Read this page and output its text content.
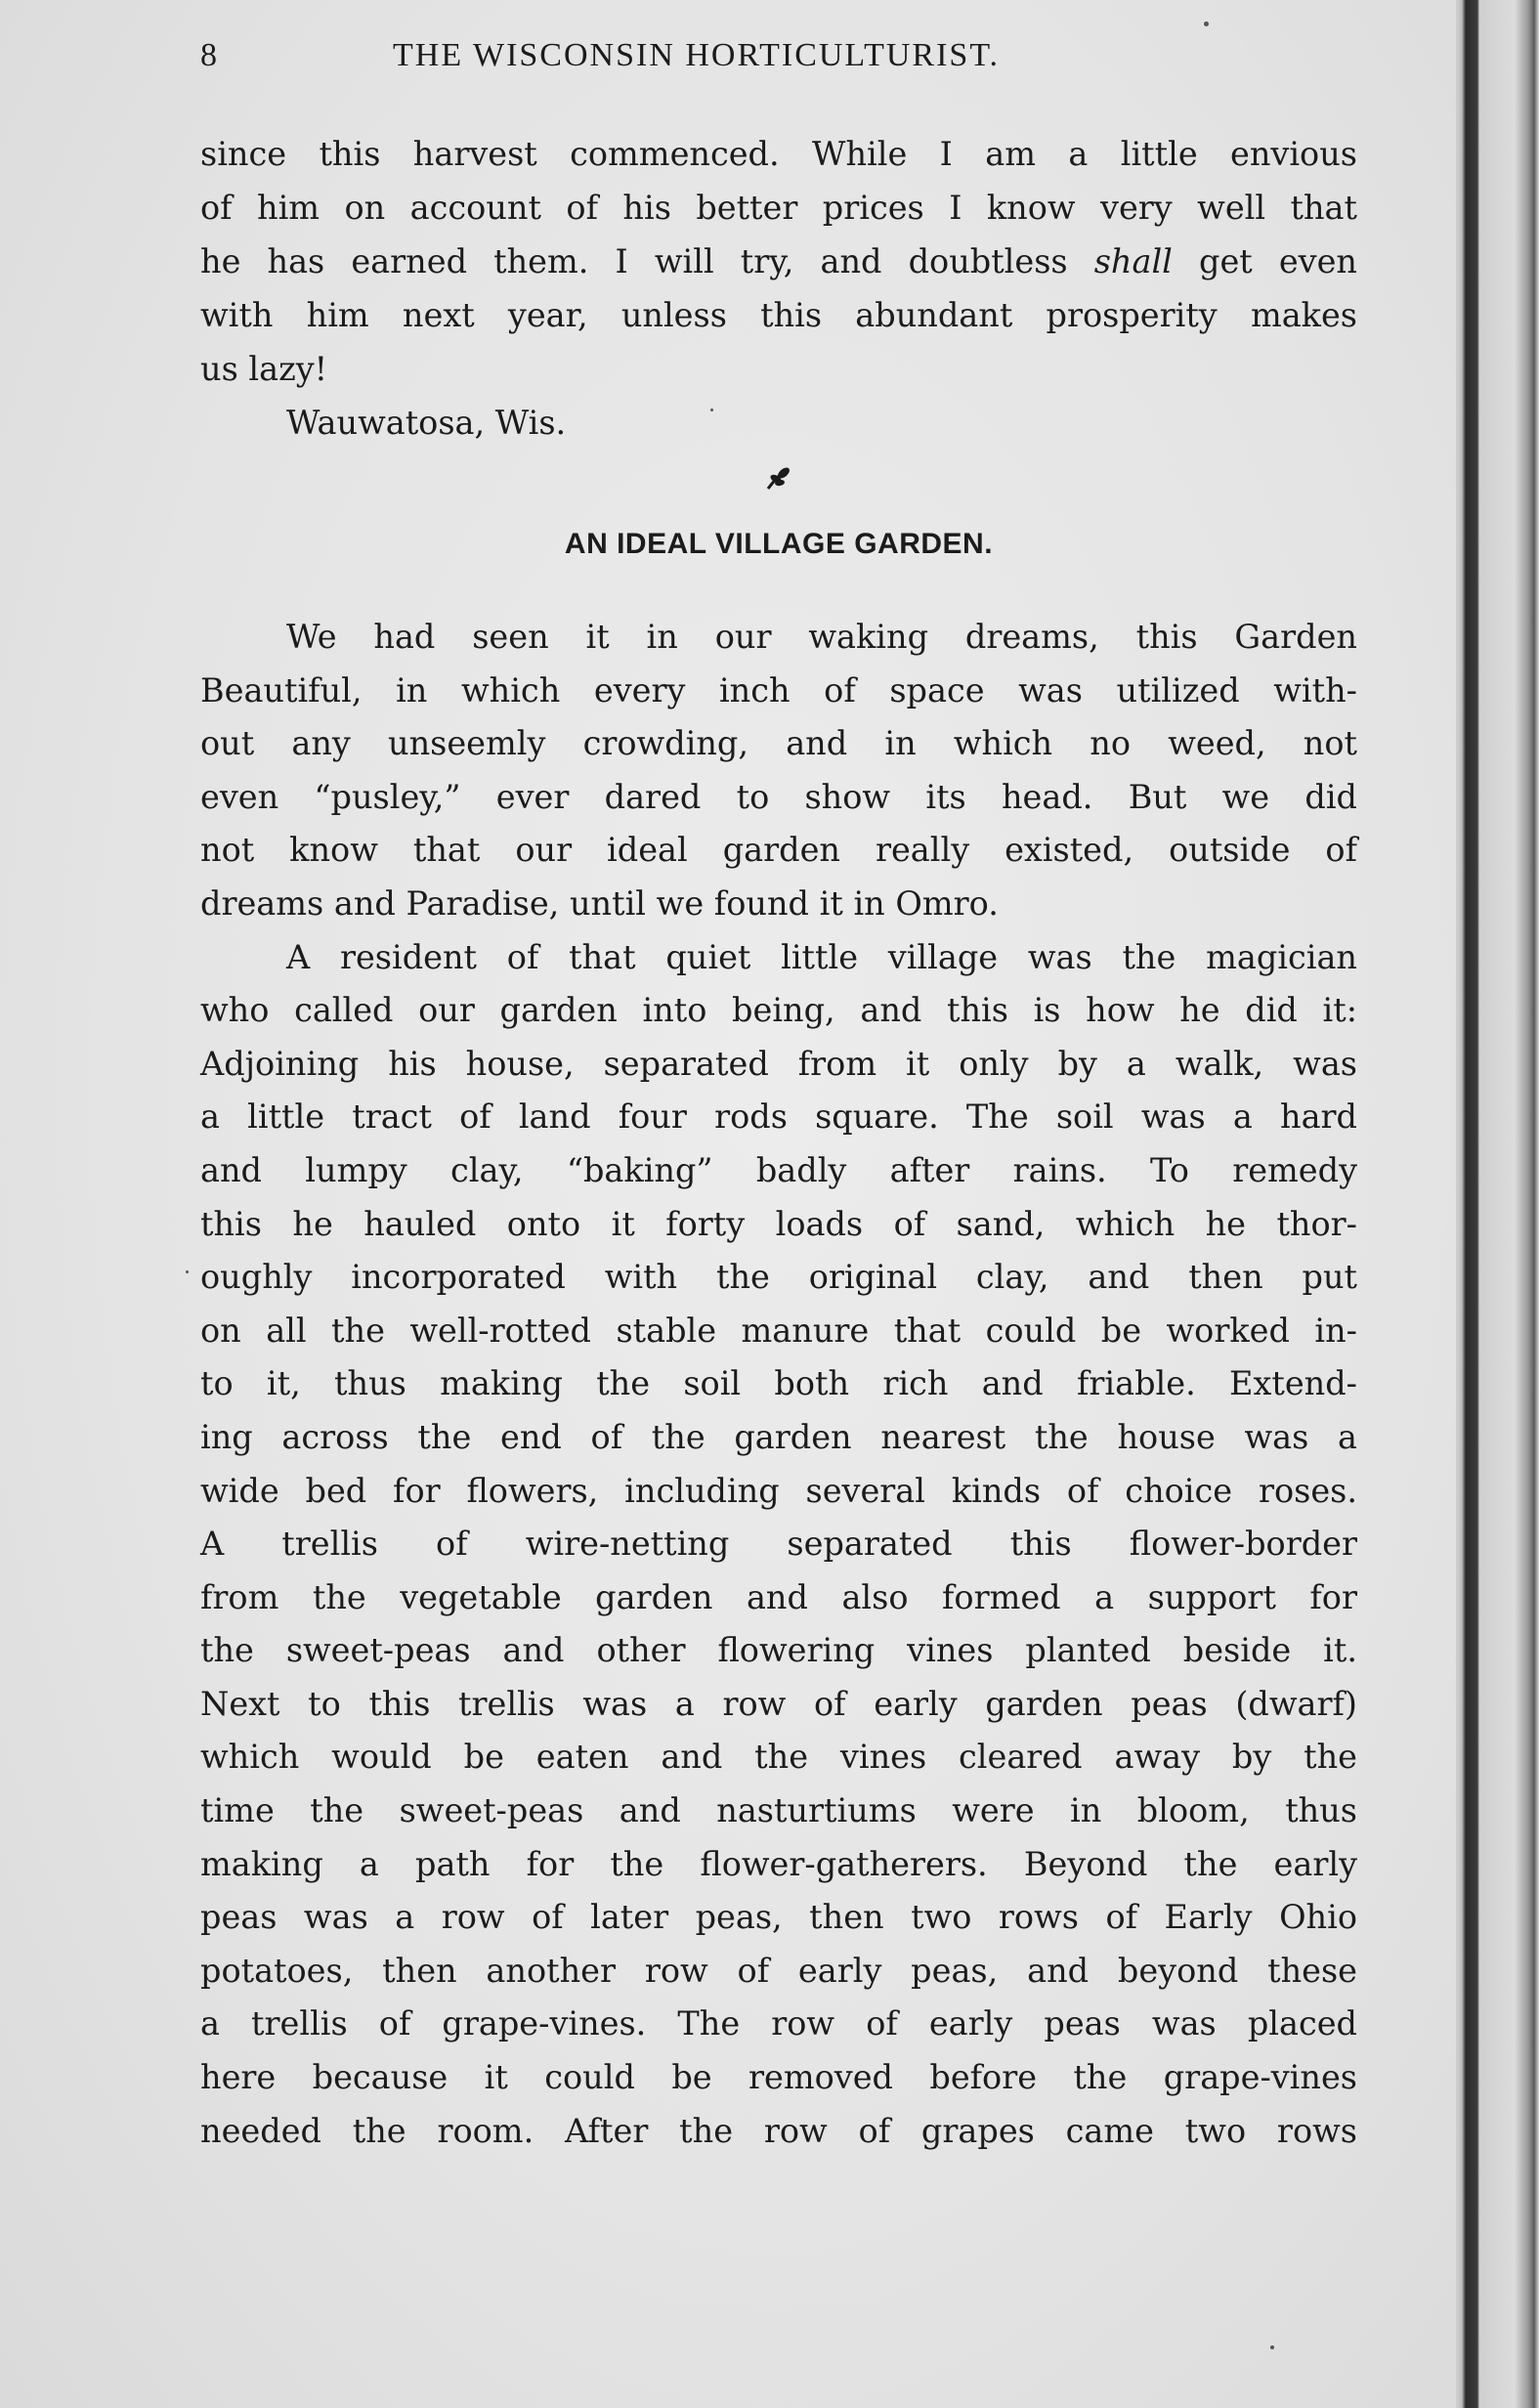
8	THE WISCONSIN HORTICULTURIST.
since this harvest commenced. While I am a little envious
of him on account of his better prices I know very well that
he has earned them. I will try, and doubtless shall get even
with him next year, unless this abundant prosperity makes
us lazy!
Wauwatosa, Wis.
AN IDEAL VILLAGE GARDEN.
We had seen it in our waking dreams, this Garden
Beautiful, in which every inch of space was utilized with-
out any unseemly crowding, and in which no weed, not
even “pusley,” ever dared to show its head. But we did
not know that our ideal garden really existed, outside of
dreams and Paradise, until we found it in Omro.
A resident of that quiet little village was the magician
who called our garden into being, and this is how he did it:
Adjoining his house, separated from it only by a walk, was
a little tract of land four rods square. The soil was a hard
and lumpy clay, “baking” badly after rains. To remedy
this he hauled onto it forty loads of sand, which he thor-
oughly incorporated with the original clay, and then put
on all the well-rotted stable manure that could be worked in-
to it, thus making the soil both rich and friable. Extend-
ing across the end of the garden nearest the house was a
wide bed for flowers, including several kinds of choice roses.
A trellis of wire-netting separated this flower-border
from the vegetable garden and also formed a support for
the sweet-peas and other flowering vines planted beside it.
Next to this trellis was a row of early garden peas (dwarf)
which would be eaten and the vines cleared away by the
time the sweet-peas and nasturtiums were in bloom, thus
making a path for the flower-gatherers. Beyond the early
peas was a row of later peas, then two rows of Early Ohio
potatoes, then another row of early peas, and beyond these
a trellis of grape-vines. The row of early peas was placed
here because it could be removed before the grape-vines
needed the room. After the row of grapes came two rows
